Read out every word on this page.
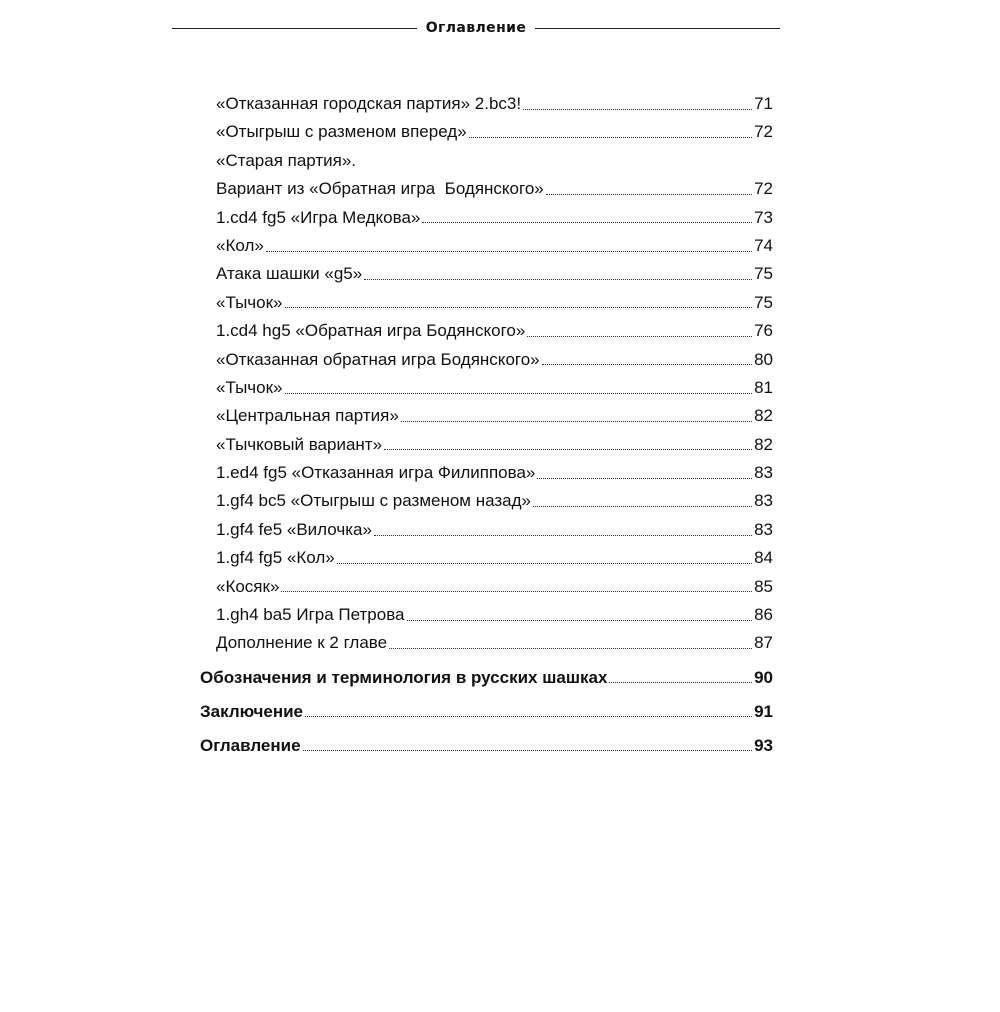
Оглавление
«Отказанная городская партия» 2.bc3!	71
«Отыгрыш с разменом вперед»	72
«Старая партия».
Вариант из «Обратная игра  Бодянского»	72
1.cd4 fg5 «Игра Медкова»	73
«Кол»	74
Атака шашки «g5»	75
«Тычок»	75
1.cd4 hg5 «Обратная игра Бодянского»	76
«Отказанная обратная игра Бодянского»	80
«Тычок»	81
«Центральная партия»	82
«Тычковый вариант»	82
1.ed4 fg5 «Отказанная игра Филиппова»	83
1.gf4 bc5 «Отыгрыш с разменом назад»	83
1.gf4 fe5 «Вилочка»	83
1.gf4 fg5 «Кол»	84
«Косяк»	85
1.gh4 ba5 Игра Петрова	86
Дополнение к 2 главе	87
Обозначения и терминология в русских шашках	90
Заключение	91
Оглавление	93
